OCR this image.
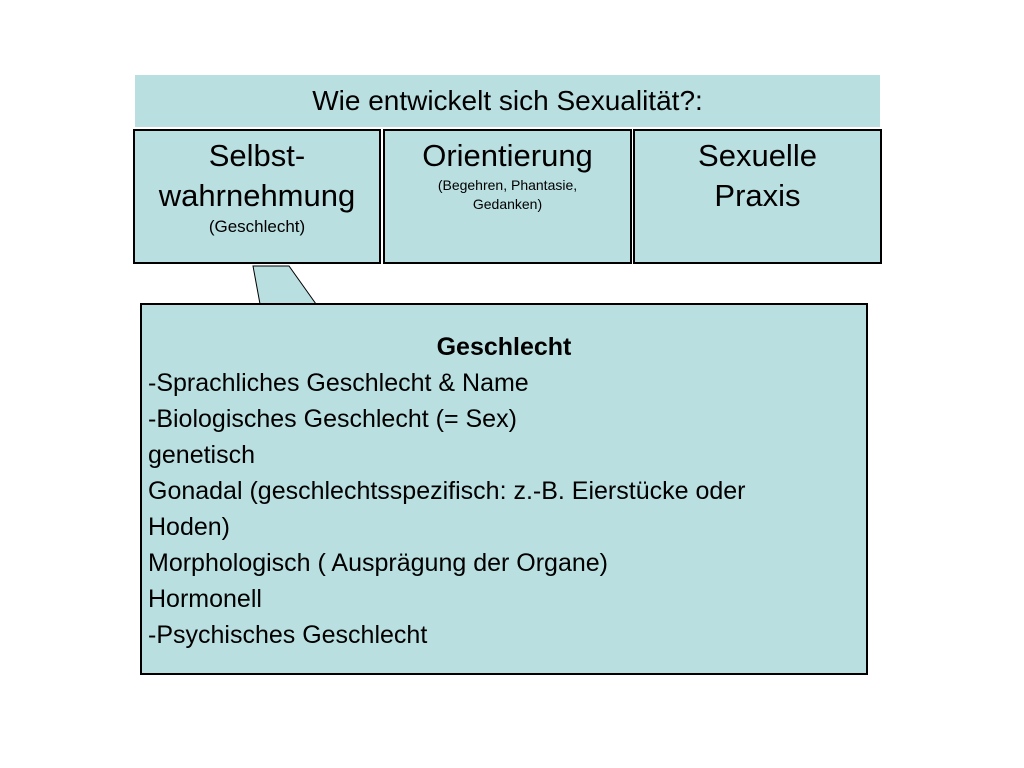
Wie entwickelt sich Sexualität?:
Selbst-
wahrnehmung
(Geschlecht)
Orientierung
(Begehren, Phantasie, Gedanken)
Sexuelle
Praxis
Geschlecht
-Sprachliches Geschlecht & Name
-Biologisches Geschlecht (= Sex)
genetisch
Gonadal (geschlechtsspezifisch: z.-B. Eierstücke oder
Hoden)
Morphologisch ( Ausprägung der Organe)
Hormonell
-Psychisches Geschlecht
